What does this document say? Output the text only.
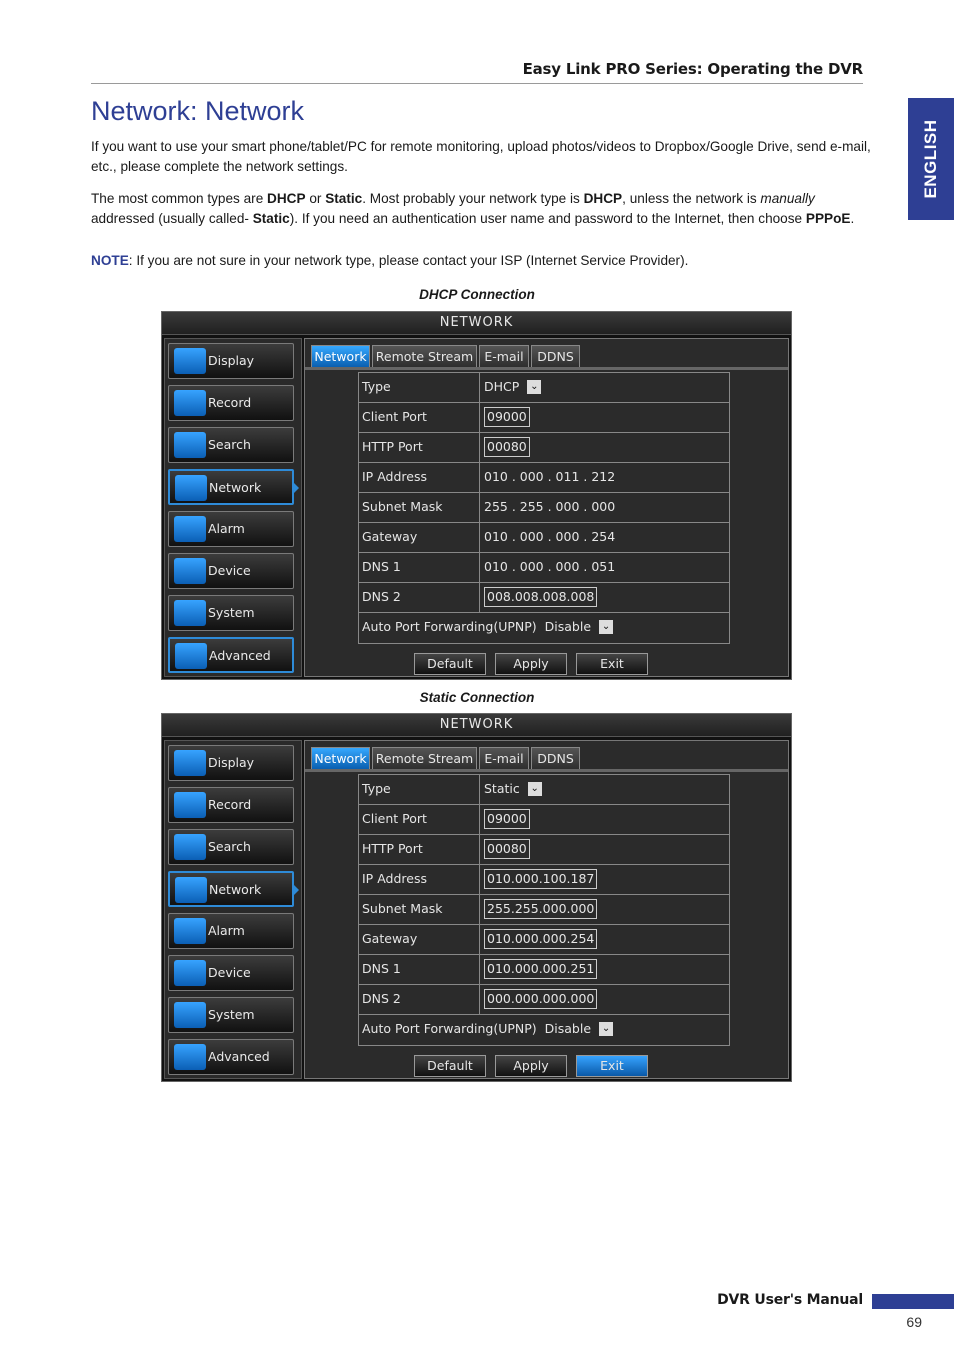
Easy Link PRO Series: Operating the DVR
ENGLISH
Network: Network

If you want to use your smart phone/tablet/PC for remote monitoring, upload photos/videos to Dropbox/Google Drive, send e-mail, etc., please complete the network settings.

The most common types are DHCP or Static. Most probably your network type is DHCP, unless the network is manually addressed (usually called- Static). If you need an authentication user name and password to the Internet, then choose PPPoE.

NOTE: If you are not sure in your network type, please contact your ISP (Internet Service Provider).

DHCP Connection
NETWORK
Display
Record
Search
Network
Alarm
Device
System
Advanced
Network Remote Stream E-mail	DDNS
Type	DHCP ⌄
Client Port	09000
HTTP Port	00080
IP Address	010 . 000 . 011 . 212
Subnet Mask	255 . 255 . 000 . 000
Gateway	010 . 000 . 000 . 254
DNS 1	010 . 000 . 000 . 051
DNS 2	008.008.008.008
Auto Port Forwarding(UPNP) Disable ⌄
Default	Apply	Exit
Static Connection
NETWORK
Display
Record
Search
Network
Alarm
Device
System
Advanced
Network Remote Stream E-mail	DDNS
Type	Static ⌄
Client Port	09000
HTTP Port	00080
IP Address	010.000.100.187
Subnet Mask	255.255.000.000
Gateway	010.000.000.254
DNS 1	010.000.000.251
DNS 2	000.000.000.000
Auto Port Forwarding(UPNP) Disable ⌄
Default	Apply	Exit
DVR User's Manual
69
